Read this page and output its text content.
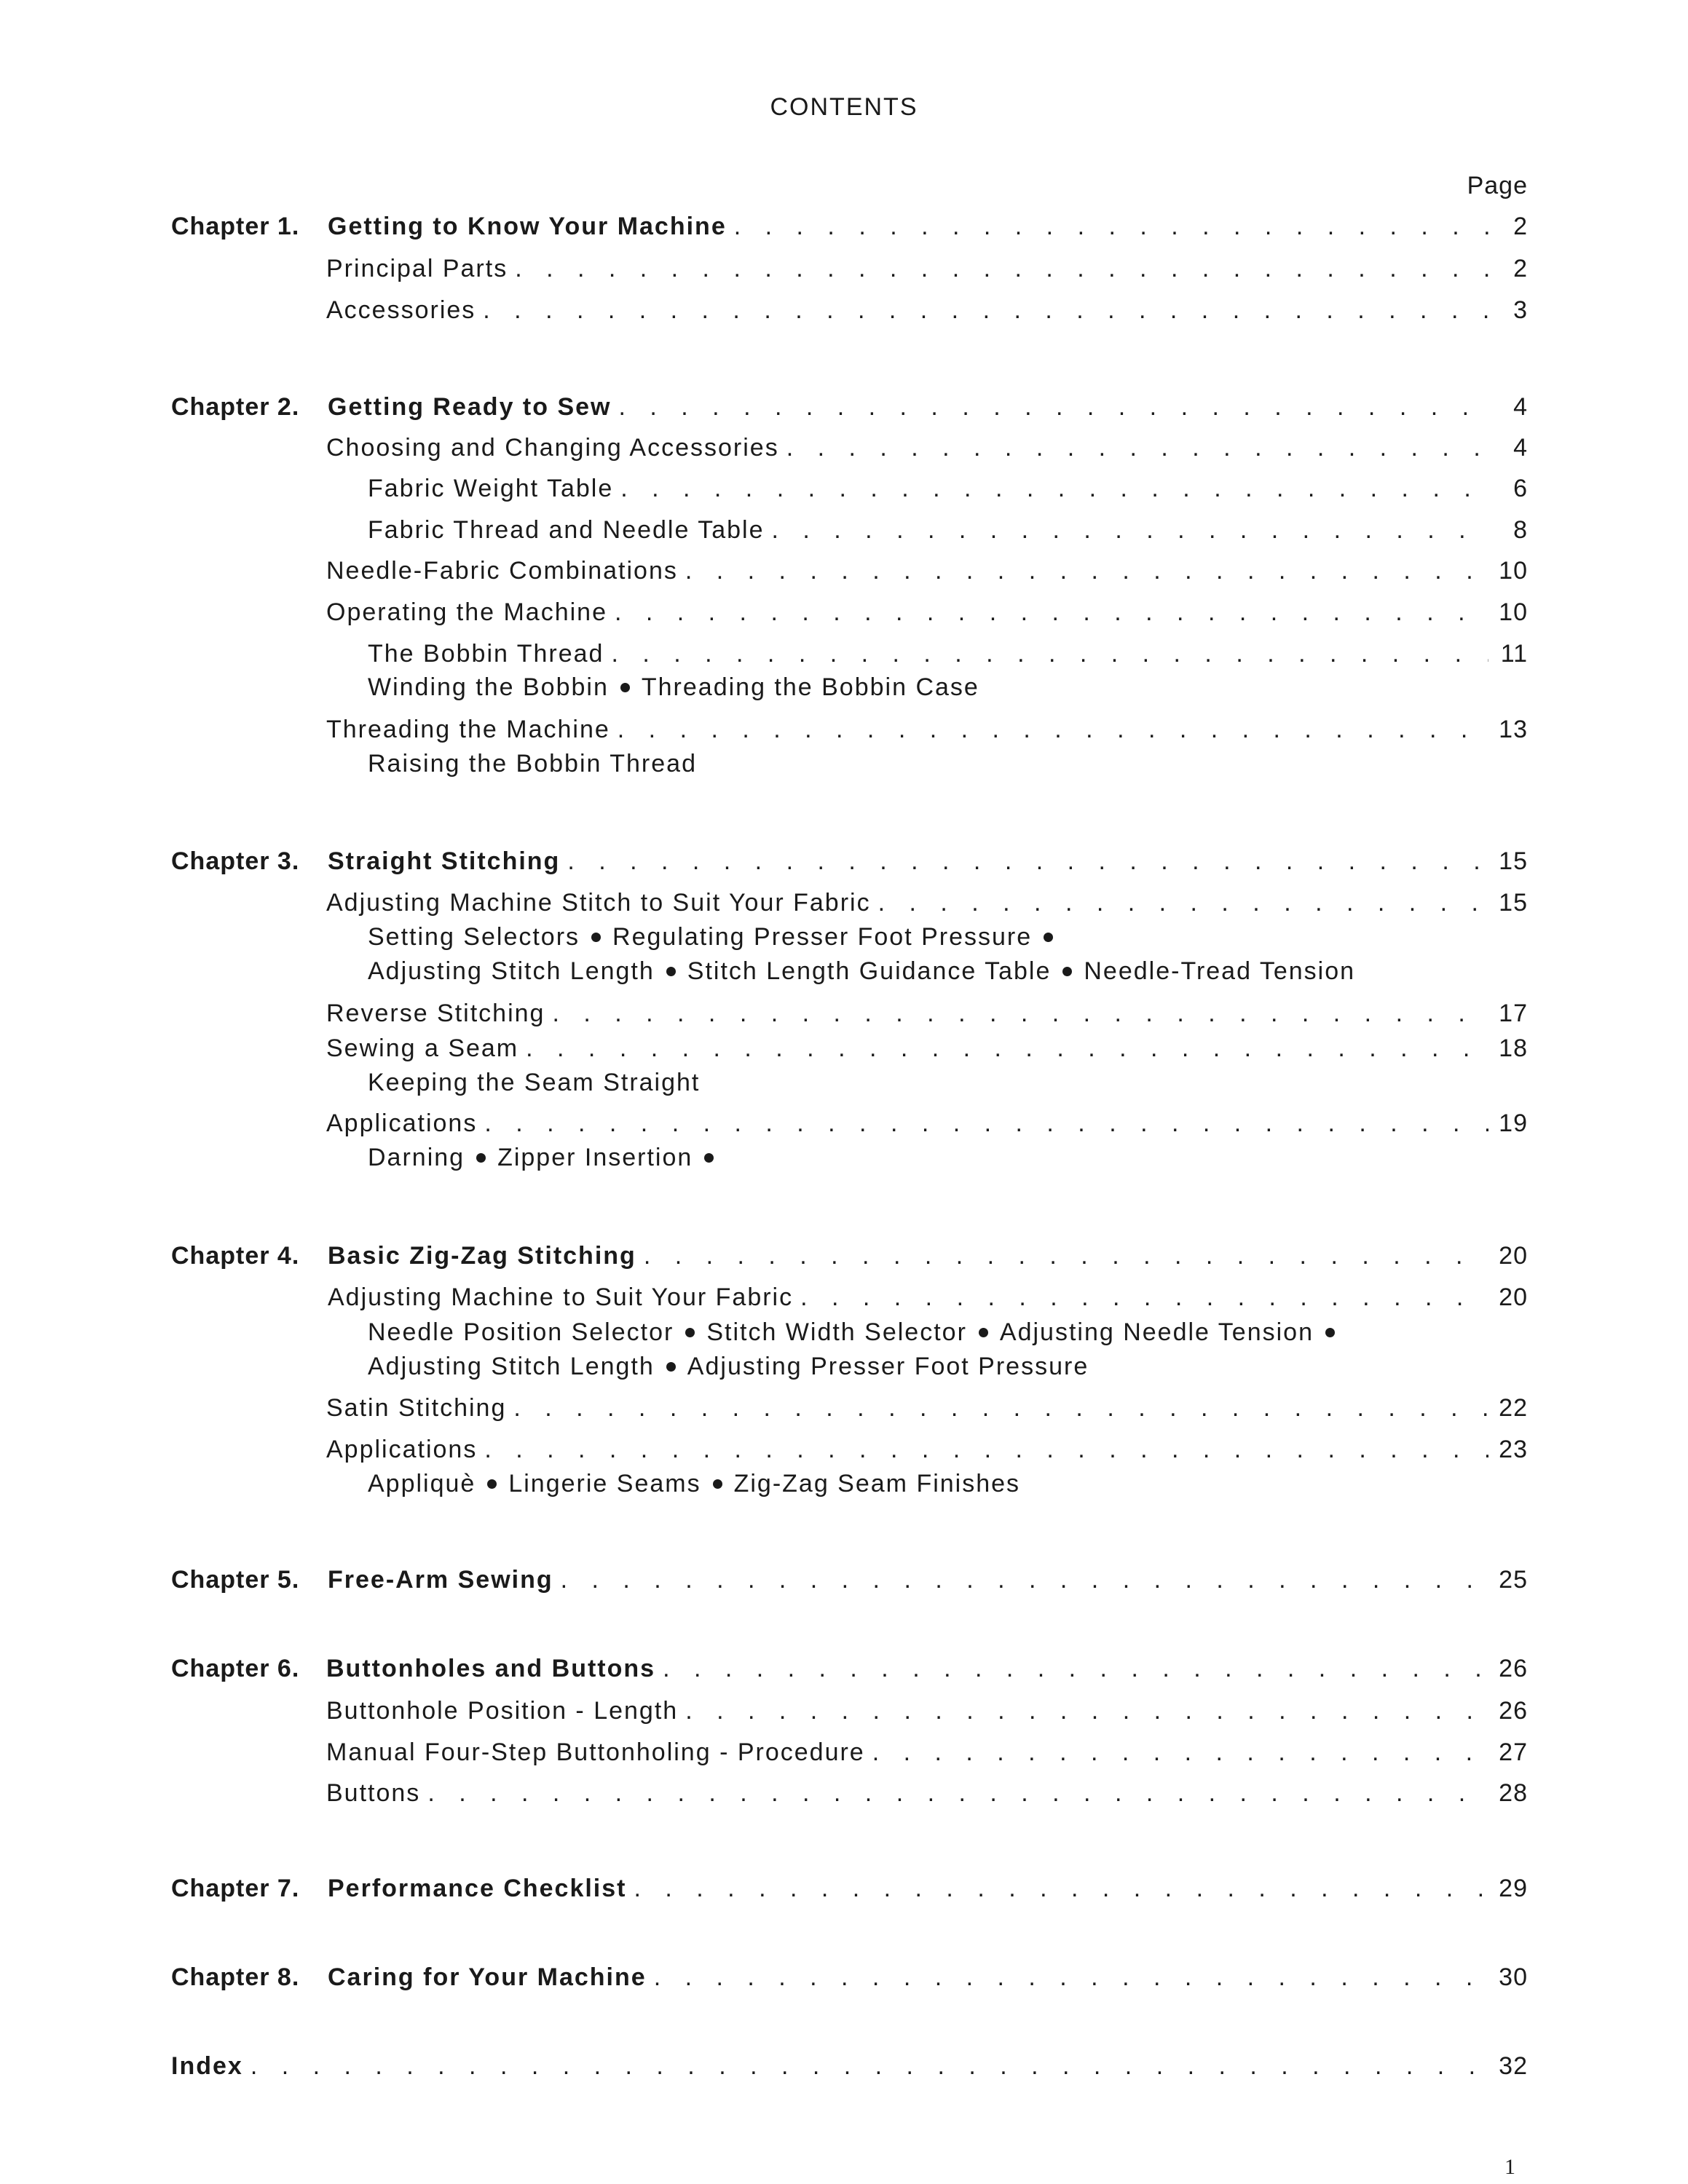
CONTENTS
Page
Chapter 1. Getting to Know Your Machine . . .	2
Principal Parts . . .	2
Accessories . . .	3
Chapter 2. Getting Ready to Sew . . .	4
Choosing and Changing Accessories . . .	4
Fabric Weight Table . . .	6
Fabric Thread and Needle Table . . .	8
Needle-Fabric Combinations . . .	10
Operating the Machine . . .	10
The Bobbin Thread . . .	11
Winding the Bobbin Threading the Bobbin Case
Threading the Machine . . .	13
Raising the Bobbin Thread
Chapter 3. Straight Stitching . . .	15
Adjusting Machine Stitch to Suit Your Fabric . . .	15
Setting Selectors Regulating Presser Foot Pressure
Adjusting Stitch Length Stitch Length Guidance Table Needle-Tread Tension
Reverse Stitching . . .	17
Sewing a Seam . . .	18
Keeping the Seam Straight
Applications . . .	19
Darning Zipper Insertion
Chapter 4. Basic Zig-Zag Stitching . . .	20
Adjusting Machine to Suit Your Fabric . . .	20
Needle Position Selector Stitch Width Selector Adjusting Needle Tension
Adjusting Stitch Length Adjusting Presser Foot Pressure
Satin Stitching . . .	22
Applications . . .	23
Appliquè Lingerie Seams Zig-Zag Seam Finishes
Chapter 5. Free-Arm Sewing . . .	25
Chapter 6. Buttonholes and Buttons . . .	26
Buttonhole Position - Length . . .	26
Manual Four-Step Buttonholing - Procedure . . .	27
Buttons . . .	28
Chapter 7. Performance Checklist . . .	29
Chapter 8. Caring for Your Machine . . .	30
Index . . .	32
1
